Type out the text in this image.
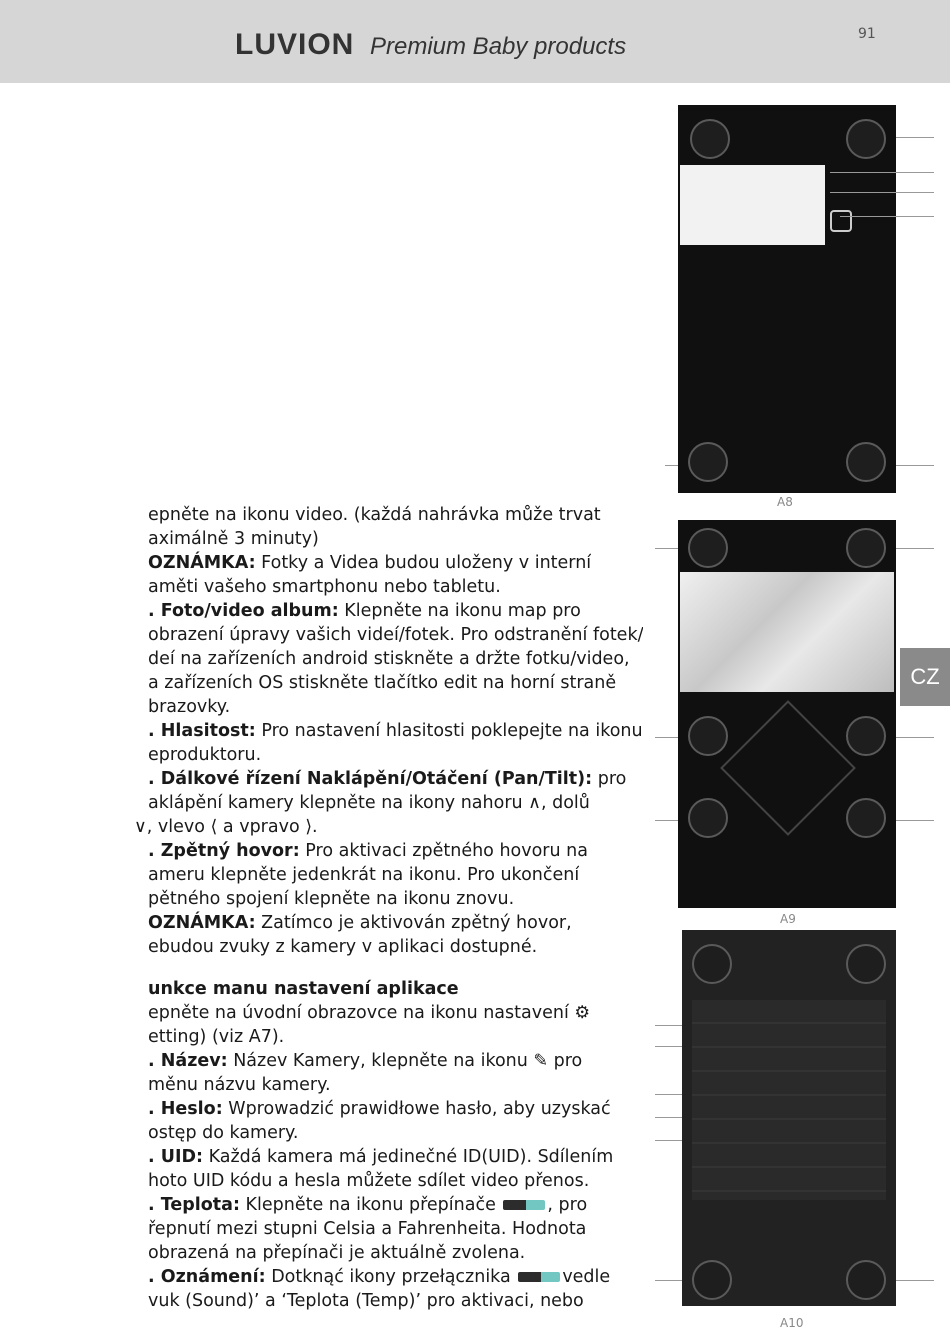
LUVION Premium Baby products	91
epněte na ikonu video. (každá nahrávka může trvat
aximálně 3 minuty)
OZNÁMKA: Fotky a Videa budou uloženy v interní
aměti vašeho smartphonu nebo tabletu.
. Foto/video album: Klepněte na ikonu map pro
obrazení úpravy vašich videí/fotek. Pro odstranění fotek/
deí na zařízeních android stiskněte a držte fotku/video,
a zařízeních OS stiskněte tlačítko edit na horní straně
brazovky.
. Hlasitost: Pro nastavení hlasitosti poklepejte na ikonu
eproduktoru.
. Dálkové řízení Naklápění/Otáčení (Pan/Tilt): pro
aklápění kamery klepněte na ikony nahoru ∧, dolů
∨, vlevo ⟨ a vpravo ⟩.
. Zpětný hovor: Pro aktivaci zpětného hovoru na
ameru klepněte jedenkrát na ikonu. Pro ukončení
pětného spojení klepněte na ikonu znovu.
OZNÁMKA: Zatímco je aktivován zpětný hovor,
ebudou zvuky z kamery v aplikaci dostupné.
unkce manu nastavení aplikace
epněte na úvodní obrazovce na ikonu nastavení ⚙
etting) (viz A7).
. Název: Název Kamery, klepněte na ikonu ✎ pro
měnu názvu kamery.
. Heslo: Wprowadzić prawidłowe hasło, aby uzyskać
ostęp do kamery.
. UID: Každá kamera má jedinečné ID(UID). Sdílením
hoto UID kódu a hesla můžete sdílet video přenos.
. Teplota: Klepněte na ikonu přepínače	, pro
řepnutí mezi stupni Celsia a Fahrenheita. Hodnota
obrazená na přepínači je aktuálně zvolena.
. Oznámení: Dotknąć ikony przełącznika	vedle
vuk (Sound)’ a ‘Teplota (Temp)’ pro aktivaci, nebo
CZ
A8
A9
A10
